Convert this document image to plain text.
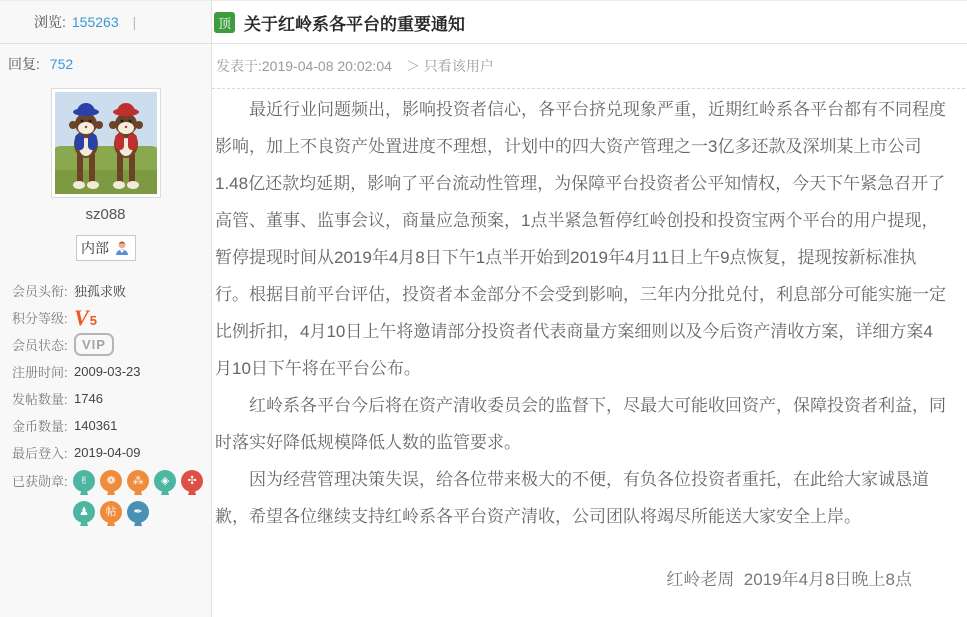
浏览: 155263 |
回复: 752
sz088
内部
会员头衔: 独孤求败
积分等级: V5
会员状态:	VIP
注册时间: 2009-03-23
发帖数量: 1746
金币数量: 140361
最后登入: 2019-04-09
已获勋章:	✌	❁	⁂	◈	✣
♟	帖	✒
顶 关于红岭系各平台的重要通知
发表于: 2019-04-08 20:02:04 ＞ 只看该用户

最近行业问题频出，影响投资者信心，各平台挤兑现象严重，近期红岭系各平台都有不同程度影响，加上不良资产处置进度不理想，计划中的四大资产管理之一3亿多还款及深圳某上市公司1.48亿还款均延期，影响了平台流动性管理，为保障平台投资者公平知情权，今天下午紧急召开了高管、董事、监事会议，商量应急预案，1点半紧急暂停红岭创投和投资宝两个平台的用户提现，暂停提现时间从2019年4月8日下午1点半开始到2019年4月11日上午9点恢复，提现按新标准执行。根据目前平台评估，投资者本金部分不会受到影响，三年内分批兑付，利息部分可能实施一定比例折扣，4月10日上午将邀请部分投资者代表商量方案细则以及今后资产清收方案，详细方案4月10日下午将在平台公布。

红岭系各平台今后将在资产清收委员会的监督下，尽最大可能收回资产，保障投资者利益，同时落实好降低规模降低人数的监管要求。

因为经营管理决策失误，给各位带来极大的不便，有负各位投资者重托，在此给大家诚恳道歉，希望各位继续支持红岭系各平台资产清收，公司团队将竭尽所能送大家安全上岸。

红岭老周  2019年4月8日晚上8点
